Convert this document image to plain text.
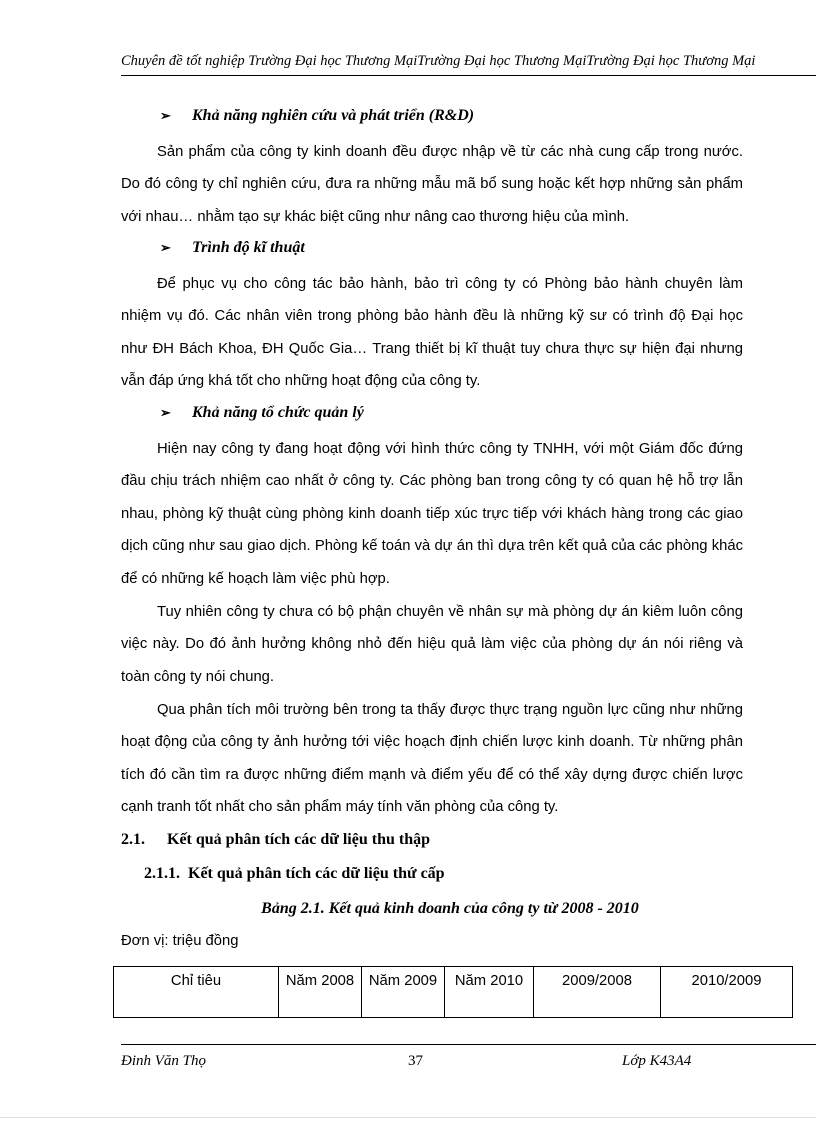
Chuyên đề tốt nghiệp Trường Đại học Thương MạiTrường Đại học Thương MạiTrường Đại học Thương Mại
➢ Khả năng nghiên cứu và phát triển (R&D)
Sản phẩm của công ty kinh doanh đều được nhập về từ các nhà cung cấp trong nước. Do đó công ty chỉ nghiên cứu, đưa ra những mẫu mã bổ sung hoặc kết hợp những sản phẩm với nhau… nhằm tạo sự khác biệt cũng như nâng cao thương hiệu của mình.
➢ Trình độ kĩ thuật
Để phục vụ cho công tác bảo hành, bảo trì công ty có Phòng bảo hành chuyên làm nhiệm vụ đó. Các nhân viên trong phòng bảo hành đều là những kỹ sư có trình độ Đại học như ĐH Bách Khoa, ĐH Quốc Gia… Trang thiết bị kĩ thuật tuy chưa thực sự hiện đại nhưng vẫn đáp ứng khá tốt cho những hoạt động của công ty.
➢ Khả năng tổ chức quản lý
Hiện nay công ty đang hoạt động với hình thức công ty TNHH, với một Giám đốc đứng đầu chịu trách nhiệm cao nhất ở công ty. Các phòng ban trong công ty có quan hệ hỗ trợ lẫn nhau, phòng kỹ thuật cùng phòng kinh doanh tiếp xúc trực tiếp với khách hàng trong các giao dịch cũng như sau giao dịch. Phòng kế toán và dự án thì dựa trên kết quả của các phòng khác để có những kế hoạch làm việc phù hợp.
Tuy nhiên công ty chưa có bộ phận chuyên về nhân sự mà phòng dự án kiêm luôn công việc này. Do đó ảnh hưởng không nhỏ đến hiệu quả làm việc của phòng dự án nói riêng và toàn công ty nói chung.
Qua phân tích môi trường bên trong ta thấy được thực trạng nguồn lực cũng như những hoạt động của công ty ảnh hưởng tới việc hoạch định chiến lược kinh doanh. Từ những phân tích đó cần tìm ra được những điểm mạnh và điểm yếu để có thể xây dựng được chiến lược cạnh tranh tốt nhất cho sản phẩm máy tính văn phòng của công ty.
2.1. Kết quả phân tích các dữ liệu thu thập
2.1.1. Kết quả phân tích các dữ liệu thứ cấp
Bảng 2.1. Kết quả kinh doanh của công ty từ 2008 - 2010
Đơn vị: triệu đồng
Chỉ tiêu	Năm 2008	Năm 2009	Năm 2010	2009/2008	2010/2009
Đinh Văn Thọ	37	Lớp K43A4
